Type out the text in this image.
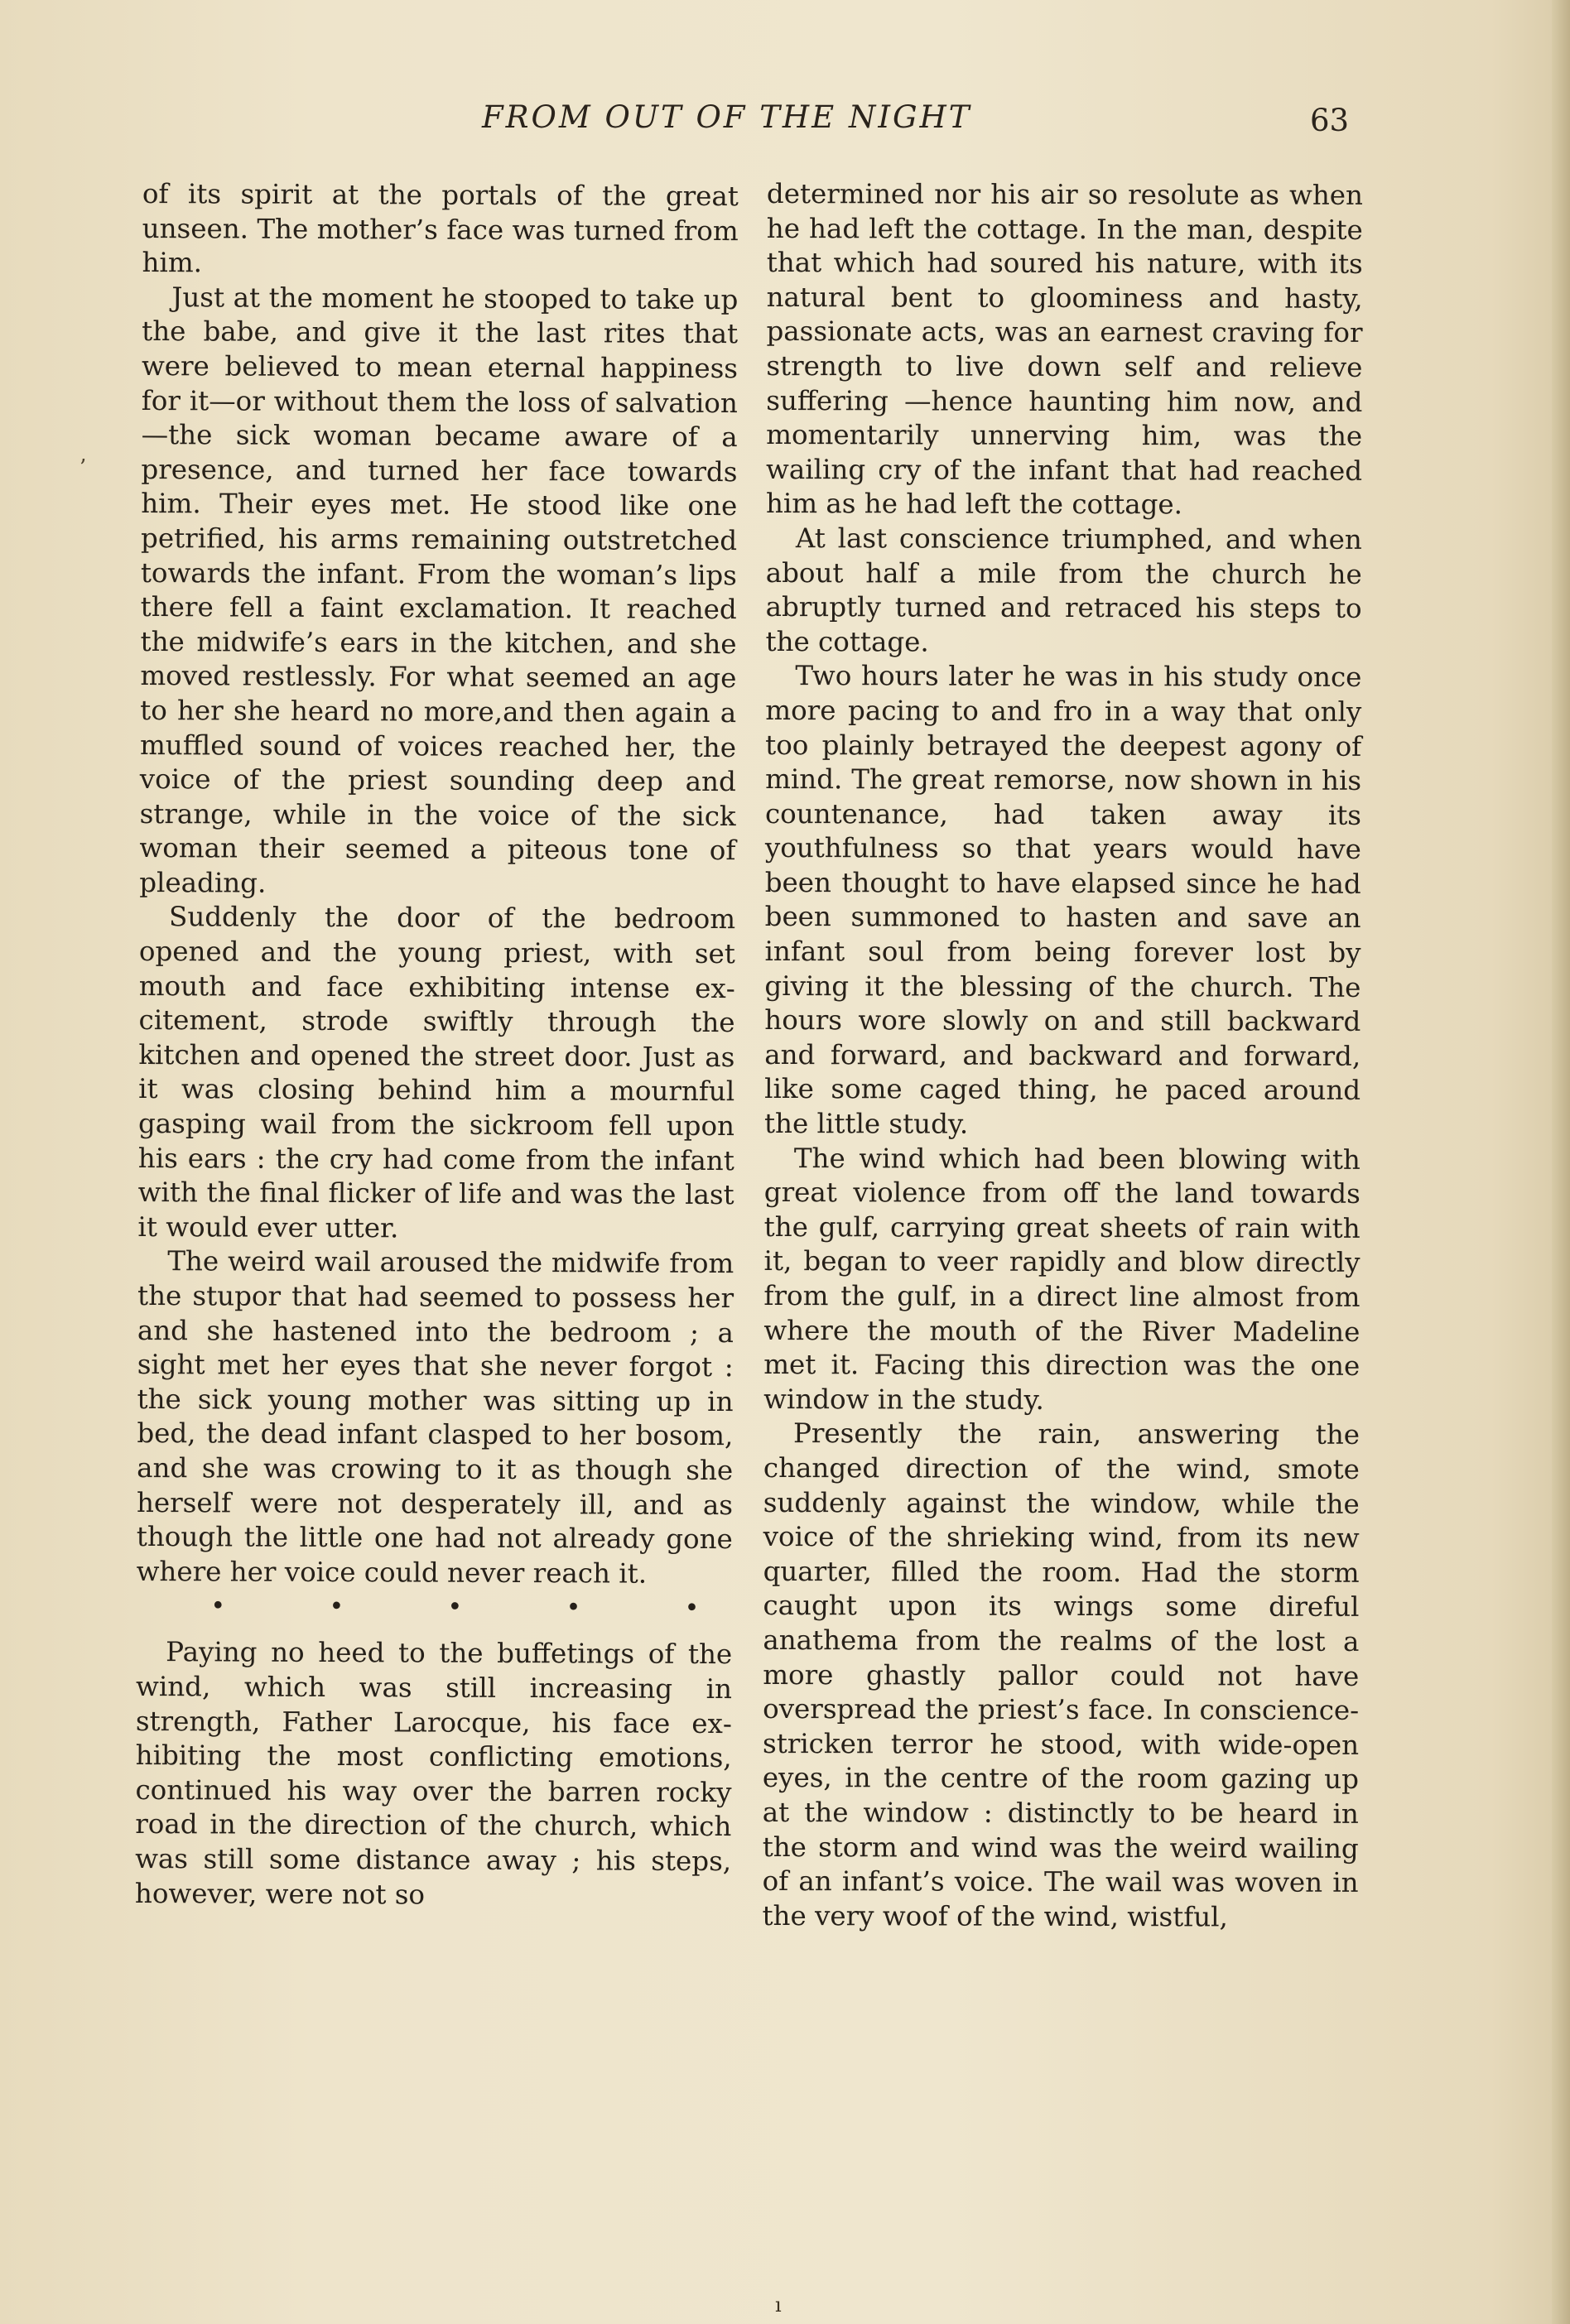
FROM OUT OF THE NIGHT	63
’

of its spirit at the portals of the great unseen. The mother’s face was turned from him.

Just at the moment he stooped to take up the babe, and give it the last rites that were believed to mean eternal happiness for it—or without them the loss of salvation—the sick woman became aware of a presence, and turned her face towards him. Their eyes met. He stood like one petrified, his arms remaining outstretched towards the infant. From the woman’s lips there fell a faint exclamation. It reached the midwife’s ears in the kitchen, and she moved restlessly. For what seemed an age to her she heard no more,and then again a muffled sound of voices reached her, the voice of the priest sounding deep and strange, while in the voice of the sick woman their seemed a piteous tone of pleading.

Suddenly the door of the bedroom opened and the young priest, with set mouth and face exhibiting intense excitement, strode swiftly through the kitchen and opened the street door. Just as it was closing behind him a mournful gasping wail from the sickroom fell upon his ears : the cry had come from the infant with the final flicker of life and was the last it would ever utter.

The weird wail aroused the midwife from the stupor that had seemed to possess her and she hastened into the bedroom ; a sight met her eyes that she never forgot : the sick young mother was sitting up in bed, the dead infant clasped to her bosom, and she was crowing to it as though she herself were not desperately ill, and as though the little one had not already gone where her voice could never reach it.

•	•	•	•	•

Paying no heed to the buffetings of the wind, which was still increasing in strength, Father Larocque, his face exhibiting the most conflicting emotions, continued his way over the barren rocky road in the direction of the church, which was still some distance away ; his steps, however, were not so

determined nor his air so resolute as when he had left the cottage. In the man, despite that which had soured his nature, with its natural bent to gloominess and hasty, passionate acts, was an earnest craving for strength to live down self and relieve suffering —hence haunting him now, and momentarily unnerving him, was the wailing cry of the infant that had reached him as he had left the cottage.

At last conscience triumphed, and when about half a mile from the church he abruptly turned and retraced his steps to the cottage.

Two hours later he was in his study once more pacing to and fro in a way that only too plainly betrayed the deepest agony of mind. The great remorse, now shown in his countenance, had taken away its youthfulness so that years would have been thought to have elapsed since he had been summoned to hasten and save an infant soul from being forever lost by giving it the blessing of the church. The hours wore slowly on and still backward and forward, and backward and forward, like some caged thing, he paced around the little study.

The wind which had been blowing with great violence from off the land towards the gulf, carrying great sheets of rain with it, began to veer rapidly and blow directly from the gulf, in a direct line almost from where the mouth of the River Madeline met it. Facing this direction was the one window in the study.

Presently the rain, answering the changed direction of the wind, smote suddenly against the window, while the voice of the shrieking wind, from its new quarter, filled the room. Had the storm caught upon its wings some direful anathema from the realms of the lost a more ghastly pallor could not have overspread the priest’s face. In conscience-stricken terror he stood, with wide-open eyes, in the centre of the room gazing up at the window : distinctly to be heard in the storm and wind was the weird wailing of an infant’s voice. The wail was woven in the very woof of the wind, wistful,

ı
